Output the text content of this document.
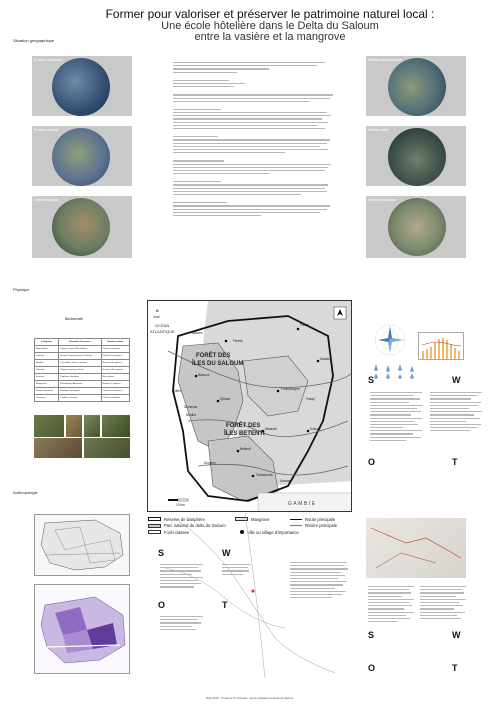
Former pour valoriser et préserver le patrimoine naturel local :
Une école hôtelière dans le Delta du Saloum
entre la vasière et la mangrove
Situation géographique
Echelle continentale
Echelle nationale
Echelle régionale
Echelle départementale
Echelle Locale
Echelle micro-locale
Physique
Biodiversité
Catégories	Exemples d'espèces	Nombre estimé
Mammifères	Singes vervet, Phacochères	Plusieurs dizaines
Oiseaux	Hérons, Flamants roses, Sternes	Plusieurs centaines
Reptiles	Crocodiles, tortues marines	Environ 30 espèces
Poissons	Tilapias, poissons-chats	Environ 100 espèces
Insectes	Papillons, libellules	Non estimé
Mangroves	Rhizophora, Avicennia	Environ 2 espèces
Plantes terrestres	Baobabs, fromagers	Plusieurs centaines
Crustacés	Crabes, crevettes	Plusieurs espèces
Joal
N
OCÉAN
ATLANTIQUE	Palmarin
FORÊT DES
ÎLES DU SALOUM
FORÊT DES
ÎLES BETENTI
GAMBIE
Fimela
Fatick
Kaolack
Foundiougne
Sokone
Toubacouta
Djirnda
Bassoul
Dionewar
Niodior
Bettenti
Missirah
Karang
Diogane
Djifère
Passy
10 km
Réserve de biosphère
Parc national du delta du Saloum
Forêt classée
Mangrove
Ville ou village d'importance
Route principale
Rivière principale
S	W
O	T
Anthropologie
S
O
W
T
S	W
O	T
Diop 2025 · Projet de fin d'études · Ecole hôtelière du Delta du Saloum
